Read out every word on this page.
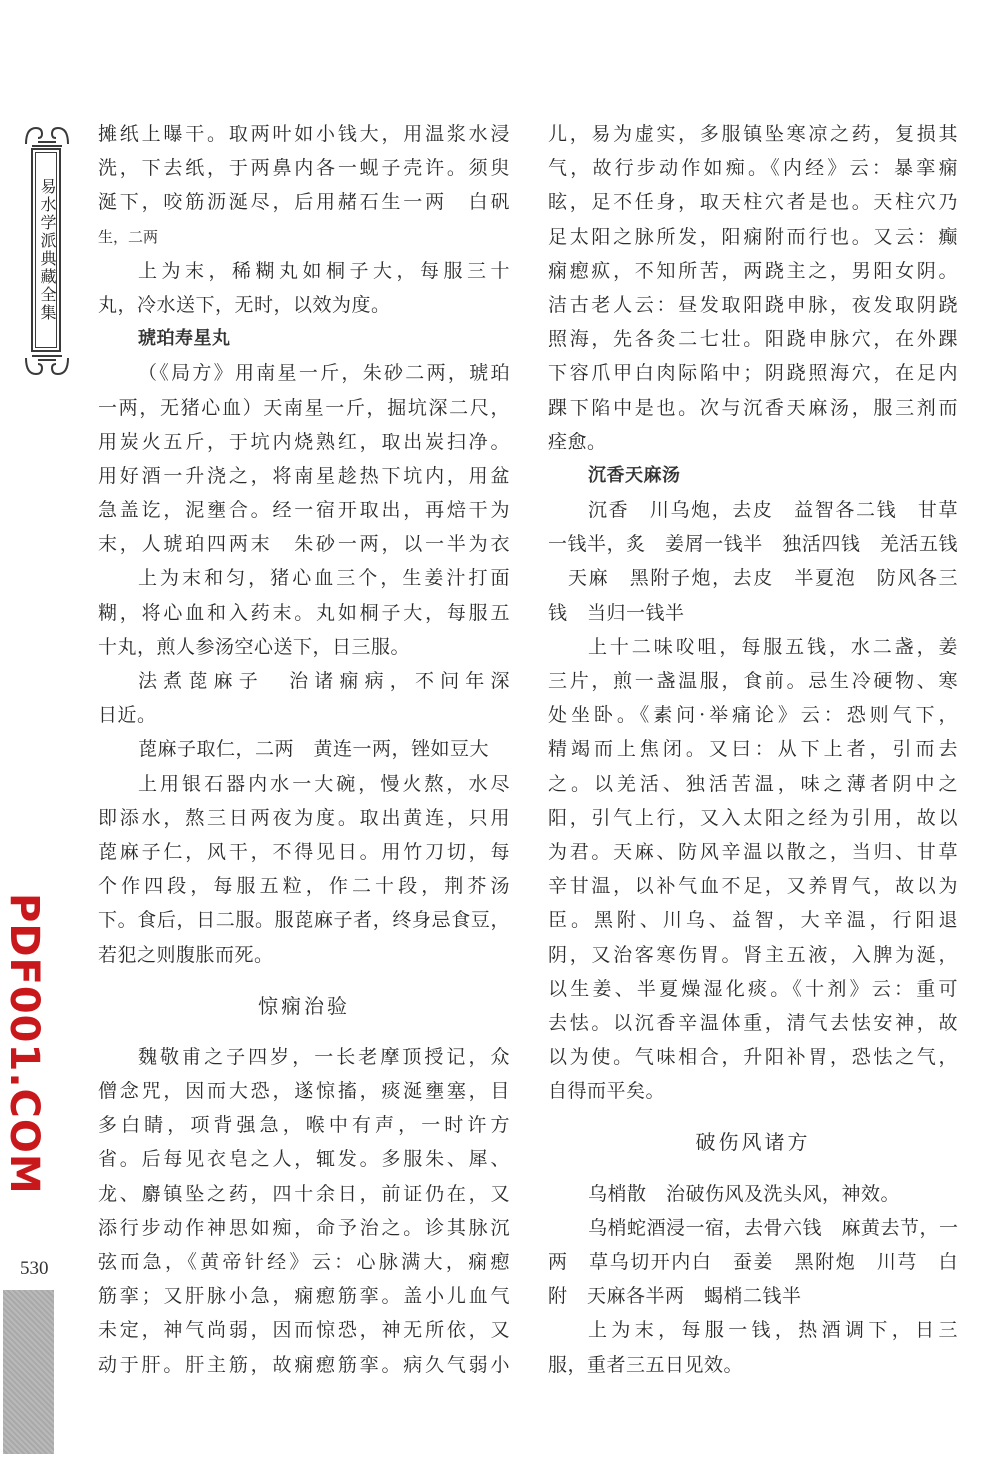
易水学派典藏全集
PDF001.COM
530
摊纸上曝干。取两叶如小钱大，用温浆水浸
洗，下去纸，于两鼻内各一蚬子壳许。须臾
涎下，咬筋沥涎尽，后用赭石生一两　白矾
生，二两
上为末，稀糊丸如桐子大，每服三十
丸，冷水送下，无时，以效为度。
琥珀寿星丸
（《局方》用南星一斤，朱砂二两，琥珀
一两，无猪心血）天南星一斤，掘坑深二尺，
用炭火五斤，于坑内烧熟红，取出炭扫净。
用好酒一升浇之，将南星趁热下坑内，用盆
急盖讫，泥壅合。经一宿开取出，再焙干为
末，人琥珀四两末　朱砂一两，以一半为衣
上为末和匀，猪心血三个，生姜汁打面
糊，将心血和入药末。丸如桐子大，每服五
十丸，煎人参汤空心送下，日三服。
法煮萞麻子　治诸痫病，不问年深
日近。
萞麻子取仁，二两　黄连一两，锉如豆大
上用银石器内水一大碗，慢火熬，水尽
即添水，熬三日两夜为度。取出黄连，只用
萞麻子仁，风干，不得见日。用竹刀切，每
个作四段，每服五粒，作二十段，荆芥汤
下。食后，日二服。服萞麻子者，终身忌食豆，
若犯之则腹胀而死。
惊痫治验
魏敬甫之子四岁，一长老摩顶授记，众
僧念咒，因而大恐，遂惊搐，痰涎壅塞，目
多白睛，项背强急，喉中有声，一时许方
省。后每见衣皂之人，辄发。多服朱、犀、
龙、麝镇坠之药，四十余日，前证仍在，又
添行步动作神思如痴，命予治之。诊其脉沉
弦而急，《黄帝针经》云：心脉满大，痫瘛
筋挛；又肝脉小急，痫瘛筋挛。盖小儿血气
未定，神气尚弱，因而惊恐，神无所依，又
动于肝。肝主筋，故痫瘛筋挛。病久气弱小
儿，易为虚实，多服镇坠寒凉之药，复损其
气，故行步动作如痴。《内经》云：暴挛痫
眩，足不任身，取天柱穴者是也。天柱穴乃
足太阳之脉所发，阳痫附而行也。又云：癫
痫瘛疭，不知所苦，两跷主之，男阳女阴。
洁古老人云：昼发取阳跷申脉，夜发取阴跷
照海，先各灸二七壮。阳跷申脉穴，在外踝
下容爪甲白肉际陷中；阴跷照海穴，在足内
踝下陷中是也。次与沉香天麻汤，服三剂而
痊愈。
沉香天麻汤
沉香　川乌炮，去皮　益智各二钱　甘草
一钱半，炙　姜屑一钱半　独活四钱　羌活五钱
天麻　黑附子炮，去皮　半夏泡　防风各三
钱　当归一钱半
上十二味㕮咀，每服五钱，水二盏，姜
三片，煎一盏温服，食前。忌生冷硬物、寒
处坐卧。《素问·举痛论》云：恐则气下，
精竭而上焦闭。又曰：从下上者，引而去
之。以羌活、独活苦温，味之薄者阴中之
阳，引气上行，又入太阳之经为引用，故以
为君。天麻、防风辛温以散之，当归、甘草
辛甘温，以补气血不足，又养胃气，故以为
臣。黑附、川乌、益智，大辛温，行阳退
阴，又治客寒伤胃。肾主五液，入脾为涎，
以生姜、半夏燥湿化痰。《十剂》云：重可
去怯。以沉香辛温体重，清气去怯安神，故
以为使。气味相合，升阳补胃，恐怯之气，
自得而平矣。
破伤风诸方
乌梢散　治破伤风及洗头风，神效。
乌梢蛇酒浸一宿，去骨六钱　麻黄去节，一
两　草乌切开内白　蚕姜　黑附炮　川芎　白
附　天麻各半两　蝎梢二钱半
上为末，每服一钱，热酒调下，日三
服，重者三五日见效。
